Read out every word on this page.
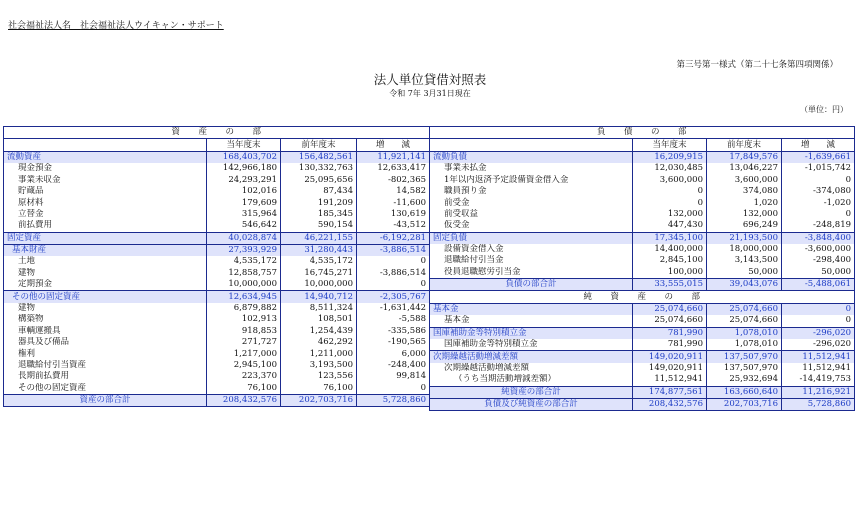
社会福祉法人名　社会福祉法人ウイキャン・サポート
第三号第一様式（第二十七条第四項関係）
法人単位貸借対照表
令和 7年 3月31日現在
（単位：円）
資　　産　　の　　部			
	当年度末	前年度末	増　　減
流動資産	168,403,702	156,482,561	11,921,141
現金預金	142,966,180	130,332,763	12,633,417
事業未収金	24,293,291	25,095,656	-802,365
貯蔵品	102,016	87,434	14,582
原材料	179,609	191,209	-11,600
立替金	315,964	185,345	130,619
前払費用	546,642	590,154	-43,512
固定資産	40,028,874	46,221,155	-6,192,281
基本財産	27,393,929	31,280,443	-3,886,514
土地	4,535,172	4,535,172	0
建物	12,858,757	16,745,271	-3,886,514
定期預金	10,000,000	10,000,000	0
その他の固定資産	12,634,945	14,940,712	-2,305,767
建物	6,879,882	8,511,324	-1,631,442
構築物	102,913	108,501	-5,588
車輌運搬具	918,853	1,254,439	-335,586
器具及び備品	271,727	462,292	-190,565
権利	1,217,000	1,211,000	6,000
退職給付引当資産	2,945,100	3,193,500	-248,400
長期前払費用	223,370	123,556	99,814
その他の固定資産	76,100	76,100	0
資産の部合計	208,432,576	202,703,716	5,728,860
負　　債　　の　　部			
	当年度末	前年度末	増　　減
流動負債	16,209,915	17,849,576	-1,639,661
事業未払金	12,030,485	13,046,227	-1,015,742
1年以内返済予定設備資金借入金	3,600,000	3,600,000	0
職員預り金	0	374,080	-374,080
前受金	0	1,020	-1,020
前受収益	132,000	132,000	0
仮受金	447,430	696,249	-248,819
固定負債	17,345,100	21,193,500	-3,848,400
設備資金借入金	14,400,000	18,000,000	-3,600,000
退職給付引当金	2,845,100	3,143,500	-298,400
役員退職慰労引当金	100,000	50,000	50,000
負債の部合計	33,555,015	39,043,076	-5,488,061
純　　資　　産　　の　　部			
基本金	25,074,660	25,074,660	0
基本金	25,074,660	25,074,660	0
国庫補助金等特別積立金	781,990	1,078,010	-296,020
国庫補助金等特別積立金	781,990	1,078,010	-296,020
次期繰越活動増減差額	149,020,911	137,507,970	11,512,941
次期繰越活動増減差額	149,020,911	137,507,970	11,512,941
（うち当期活動増減差額）	11,512,941	25,932,694	-14,419,753
純資産の部合計	174,877,561	163,660,640	11,216,921
負債及び純資産の部合計	208,432,576	202,703,716	5,728,860
